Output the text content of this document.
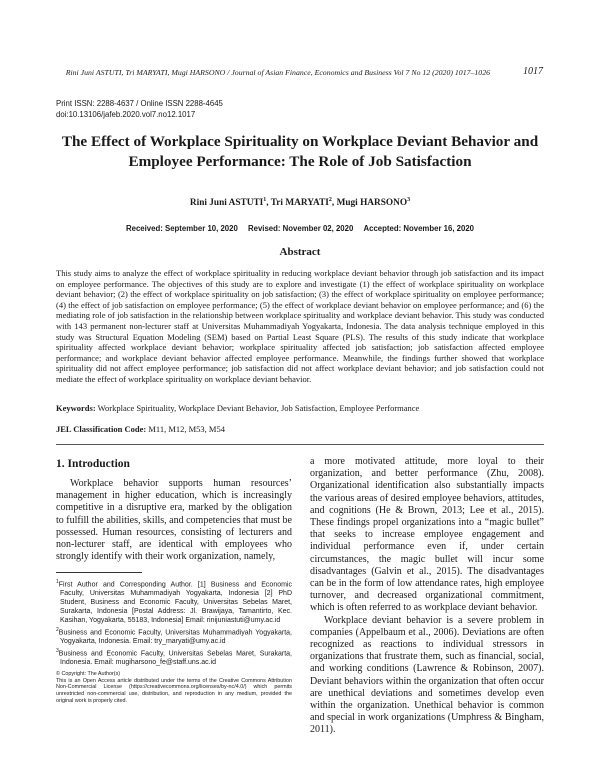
Rini Juni ASTUTI, Tri MARYATI, Mugi HARSONO / Journal of Asian Finance, Economics and Business Vol 7 No 12 (2020) 1017–1026	1017
Print ISSN: 2288-4637 / Online ISSN 2288-4645
doi:10.13106/jafeb.2020.vol7.no12.1017
The Effect of Workplace Spirituality on Workplace Deviant Behavior and
Employee Performance: The Role of Job Satisfaction
Rini Juni ASTUTI$^1$, Tri MARYATI$^2$, Mugi HARSONO$^3$
Received: September 10, 2020 Revised: November 02, 2020 Accepted: November 16, 2020
Abstract
This study aims to analyze the effect of workplace spirituality in reducing workplace deviant behavior through job satisfaction and its impact on employee performance. The objectives of this study are to explore and investigate (1) the effect of workplace spirituality on workplace deviant behavior; (2) the effect of workplace spirituality on job satisfaction; (3) the effect of workplace spirituality on employee performance; (4) the effect of job satisfaction on employee performance; (5) the effect of workplace deviant behavior on employee performance; and (6) the mediating role of job satisfaction in the relationship between workplace spirituality and workplace deviant behavior. This study was conducted with 143 permanent non-lecturer staff at Universitas Muhammadiyah Yogyakarta, Indonesia. The data analysis technique employed in this study was Structural Equation Modeling (SEM) based on Partial Least Square (PLS). The results of this study indicate that workplace spirituality affected workplace deviant behavior; workplace spirituality affected job satisfaction; job satisfaction affected employee performance; and workplace deviant behavior affected employee performance. Meanwhile, the findings further showed that workplace spirituality did not affect employee performance; job satisfaction did not affect workplace deviant behavior; and job satisfaction could not mediate the effect of workplace spirituality on workplace deviant behavior.
Keywords: Workplace Spirituality, Workplace Deviant Behavior, Job Satisfaction, Employee Performance
JEL Classification Code: M11, M12, M53, M54
1. Introduction

Workplace behavior supports human resources’ management in higher education, which is increasingly competitive in a disruptive era, marked by the obligation to fulfill the abilities, skills, and competencies that must be possessed. Human resources, consisting of lecturers and non-lecturer staff, are identical with employees who strongly identify with their work organization, namely,

a more motivated attitude, more loyal to their organization, and better performance (Zhu, 2008). Organizational identification also substantially impacts the various areas of desired employee behaviors, attitudes, and cognitions (He & Brown, 2013; Lee et al., 2015). These findings propel organizations into a “magic bullet” that seeks to increase employee engagement and individual performance even if, under certain circumstances, the magic bullet will incur some disadvantages (Galvin et al., 2015). The disadvantages can be in the form of low attendance rates, high employee turnover, and decreased organizational commitment, which is often referred to as workplace deviant behavior.

Workplace deviant behavior is a severe problem in companies (Appelbaum et al., 2006). Deviations are often recognized as reactions to individual stressors in organizations that frustrate them, such as financial, social, and working conditions (Lawrence & Robinson, 2007). Deviant behaviors within the organization that often occur are unethical deviations and sometimes develop even within the organization. Unethical behavior is common and special in work organizations (Umphress & Bingham, 2011).

$^1$First Author and Corresponding Author. [1] Business and Economic Faculty, Universitas Muhammadiyah Yogyakarta, Indonesia [2] PhD Student, Business and Economic Faculty, Universitas Sebelas Maret, Surakarta, Indonesia [Postal Address: Jl. Brawijaya, Tamantirto, Kec. Kasihan, Yogyakarta, 55183, Indonesia] Email: rinijuniastuti@umy.ac.id
$^2$Business and Economic Faculty, Universitas Muhammadiyah Yogyakarta, Yogyakarta, Indonesia. Email: try_maryati@umy.ac.id
$^3$Business and Economic Faculty, Universitas Sebelas Maret, Surakarta, Indonesia. Email: mugiharsono_fe@staff.uns.ac.id
© Copyright: The Author(s)
This is an Open Access article distributed under the terms of the Creative Commons Attribution Non-Commercial License (https://creativecommons.org/licenses/by-nc/4.0/) which permits unrestricted non-commercial use, distribution, and reproduction in any medium, provided the original work is properly cited.
